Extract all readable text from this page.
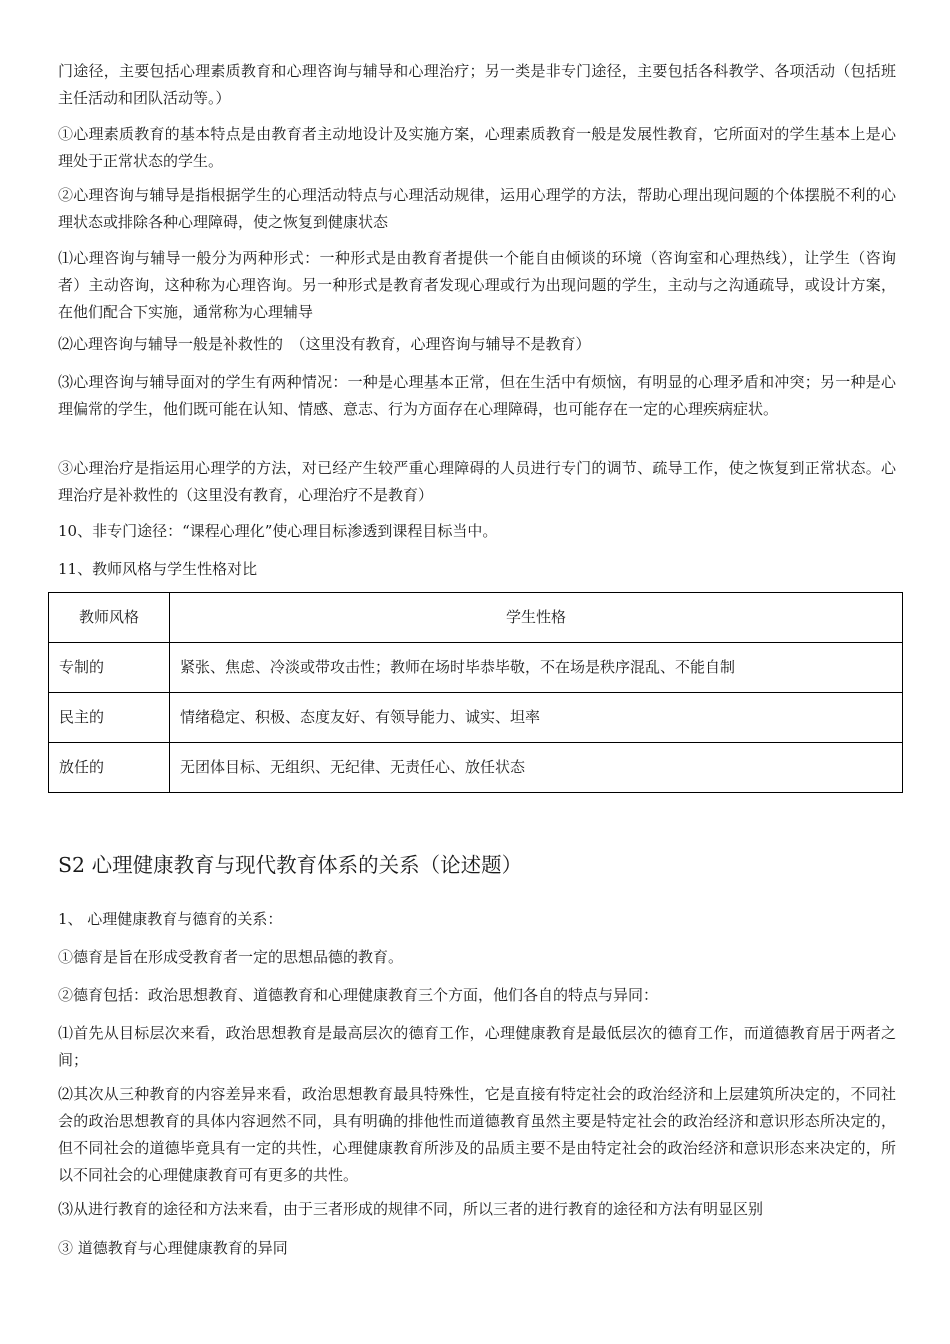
门途径，主要包括心理素质教育和心理咨询与辅导和心理治疗；另一类是非专门途径，主要包括各科教学、各项活动（包括班主任活动和团队活动等。）

①心理素质教育的基本特点是由教育者主动地设计及实施方案，心理素质教育一般是发展性教育，它所面对的学生基本上是心理处于正常状态的学生。

②心理咨询与辅导是指根据学生的心理活动特点与心理活动规律，运用心理学的方法，帮助心理出现问题的个体摆脱不利的心理状态或排除各种心理障碍，使之恢复到健康状态

⑴心理咨询与辅导一般分为两种形式：一种形式是由教育者提供一个能自由倾谈的环境（咨询室和心理热线），让学生（咨询者）主动咨询，这种称为心理咨询。另一种形式是教育者发现心理或行为出现问题的学生，主动与之沟通疏导，或设计方案，在他们配合下实施，通常称为心理辅导

⑵心理咨询与辅导一般是补救性的　（这里没有教育，心理咨询与辅导不是教育）

⑶心理咨询与辅导面对的学生有两种情况：一种是心理基本正常，但在生活中有烦恼，有明显的心理矛盾和冲突；另一种是心理偏常的学生，他们既可能在认知、情感、意志、行为方面存在心理障碍，也可能存在一定的心理疾病症状。

③心理治疗是指运用心理学的方法，对已经产生较严重心理障碍的人员进行专门的调节、疏导工作，使之恢复到正常状态。心理治疗是补救性的（这里没有教育，心理治疗不是教育）

10、非专门途径：“课程心理化”使心理目标渗透到课程目标当中。

11、教师风格与学生性格对比

教师风格	学生性格
专制的	紧张、焦虑、冷淡或带攻击性；教师在场时毕恭毕敬，不在场是秩序混乱、不能自制
民主的	情绪稳定、积极、态度友好、有领导能力、诚实、坦率
放任的	无团体目标、无组织、无纪律、无责任心、放任状态
S2 心理健康教育与现代教育体系的关系（论述题）

1、 心理健康教育与德育的关系：

①德育是旨在形成受教育者一定的思想品德的教育。

②德育包括：政治思想教育、道德教育和心理健康教育三个方面，他们各自的特点与异同：

⑴首先从目标层次来看，政治思想教育是最高层次的德育工作，心理健康教育是最低层次的德育工作，而道德教育居于两者之间；

⑵其次从三种教育的内容差异来看，政治思想教育最具特殊性，它是直接有特定社会的政治经济和上层建筑所决定的，不同社会的政治思想教育的具体内容迥然不同，具有明确的排他性而道德教育虽然主要是特定社会的政治经济和意识形态所决定的，但不同社会的道德毕竟具有一定的共性，心理健康教育所涉及的品质主要不是由特定社会的政治经济和意识形态来决定的，所以不同社会的心理健康教育可有更多的共性。

⑶从进行教育的途径和方法来看，由于三者形成的规律不同，所以三者的进行教育的途径和方法有明显区别

③ 道德教育与心理健康教育的异同
